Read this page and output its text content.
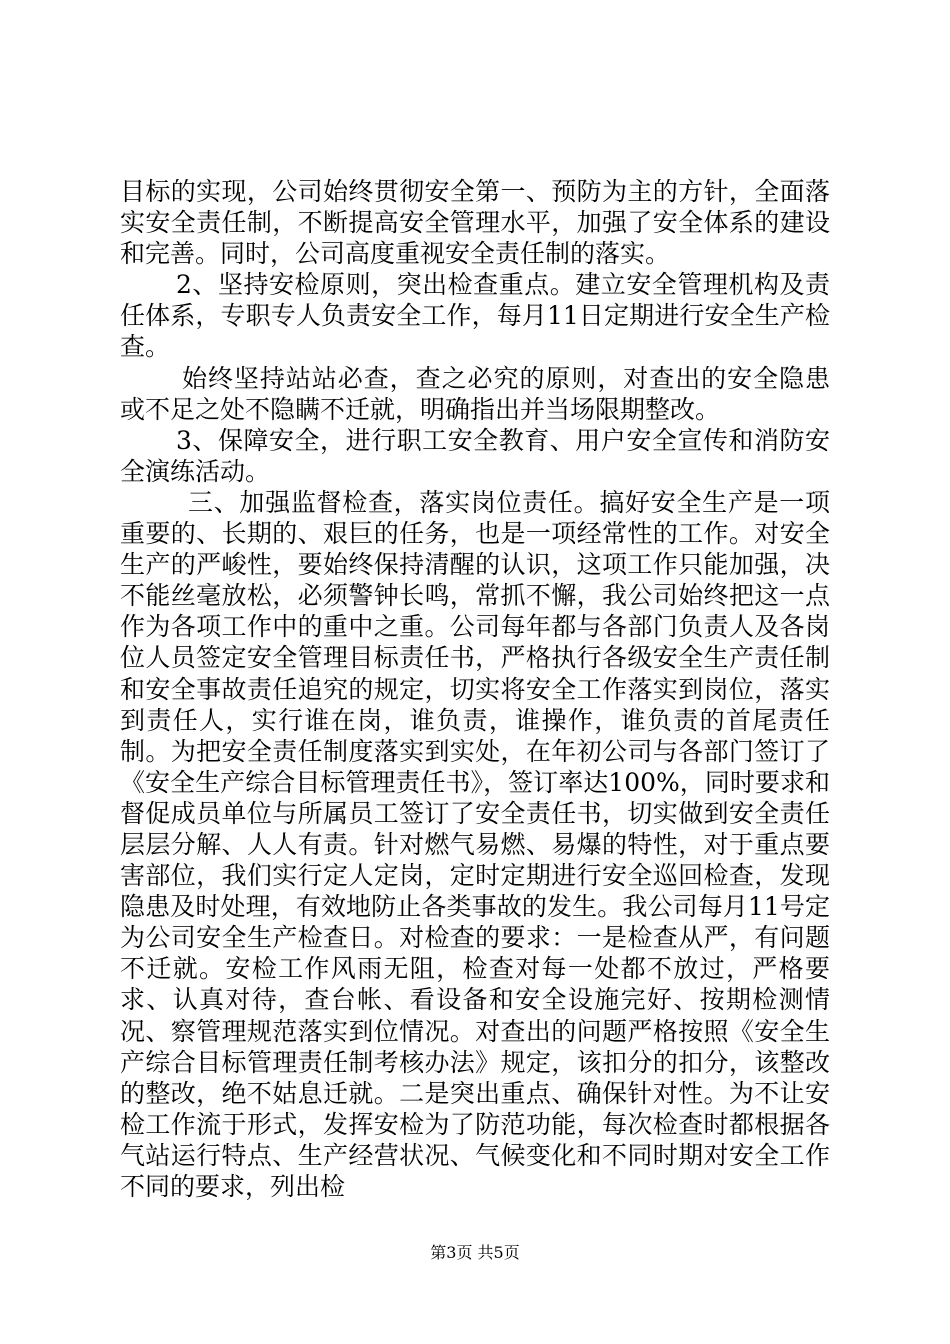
目标的实现，公司始终贯彻安全第一、预防为主的方针，全面落实安全责任制，不断提高安全管理水平，加强了安全体系的建设和完善。同时，公司高度重视安全责任制的落实。

2、坚持安检原则，突出检查重点。建立安全管理机构及责任体系，专职专人负责安全工作，每月11日定期进行安全生产检查。

始终坚持站站必查，查之必究的原则，对查出的安全隐患或不足之处不隐瞒不迁就，明确指出并当场限期整改。

3、保障安全，进行职工安全教育、用户安全宣传和消防安全演练活动。

三、加强监督检查，落实岗位责任。搞好安全生产是一项重要的、长期的、艰巨的任务，也是一项经常性的工作。对安全生产的严峻性，要始终保持清醒的认识，这项工作只能加强，决不能丝毫放松，必须警钟长鸣，常抓不懈，我公司始终把这一点作为各项工作中的重中之重。公司每年都与各部门负责人及各岗位人员签定安全管理目标责任书，严格执行各级安全生产责任制和安全事故责任追究的规定，切实将安全工作落实到岗位，落实到责任人，实行谁在岗，谁负责，谁操作，谁负责的首尾责任制。为把安全责任制度落实到实处，在年初公司与各部门签订了《安全生产综合目标管理责任书》，签订率达100%，同时要求和督促成员单位与所属员工签订了安全责任书，切实做到安全责任层层分解、人人有责。针对燃气易燃、易爆的特性，对于重点要害部位，我们实行定人定岗，定时定期进行安全巡回检查，发现隐患及时处理，有效地防止各类事故的发生。我公司每月11号定为公司安全生产检查日。对检查的要求：一是检查从严，有问题不迁就。安检工作风雨无阻，检查对每一处都不放过，严格要求、认真对待，查台帐、看设备和安全设施完好、按期检测情况、察管理规范落实到位情况。对查出的问题严格按照《安全生产综合目标管理责任制考核办法》规定，该扣分的扣分，该整改的整改，绝不姑息迁就。二是突出重点、确保针对性。为不让安检工作流于形式，发挥安检为了防范功能，每次检查时都根据各气站运行特点、生产经营状况、气候变化和不同时期对安全工作不同的要求，列出检

第3页 共5页
